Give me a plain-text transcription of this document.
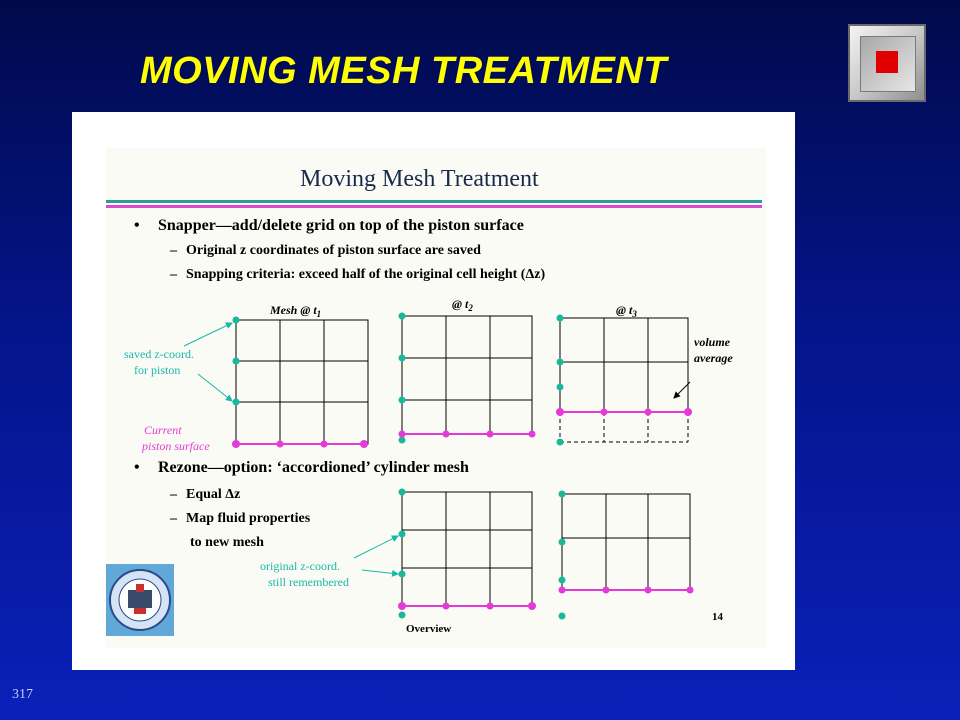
MOVING MESH TREATMENT
Moving Mesh Treatment
• Snapper—add/delete grid on top of the piston surface
– Original z coordinates of piston surface are saved
– Snapping criteria: exceed half of the original cell height (Δz)
Mesh @ $t_1$
@ $t_2$	@ $t_3$
saved z-coord.
for piston
Current
piston surface
volume
average
• Rezone—option: ‘accordioned’ cylinder mesh
– Equal Δz
– Map fluid properties
to new mesh
original z-coord.
still remembered
Overview
14
317
